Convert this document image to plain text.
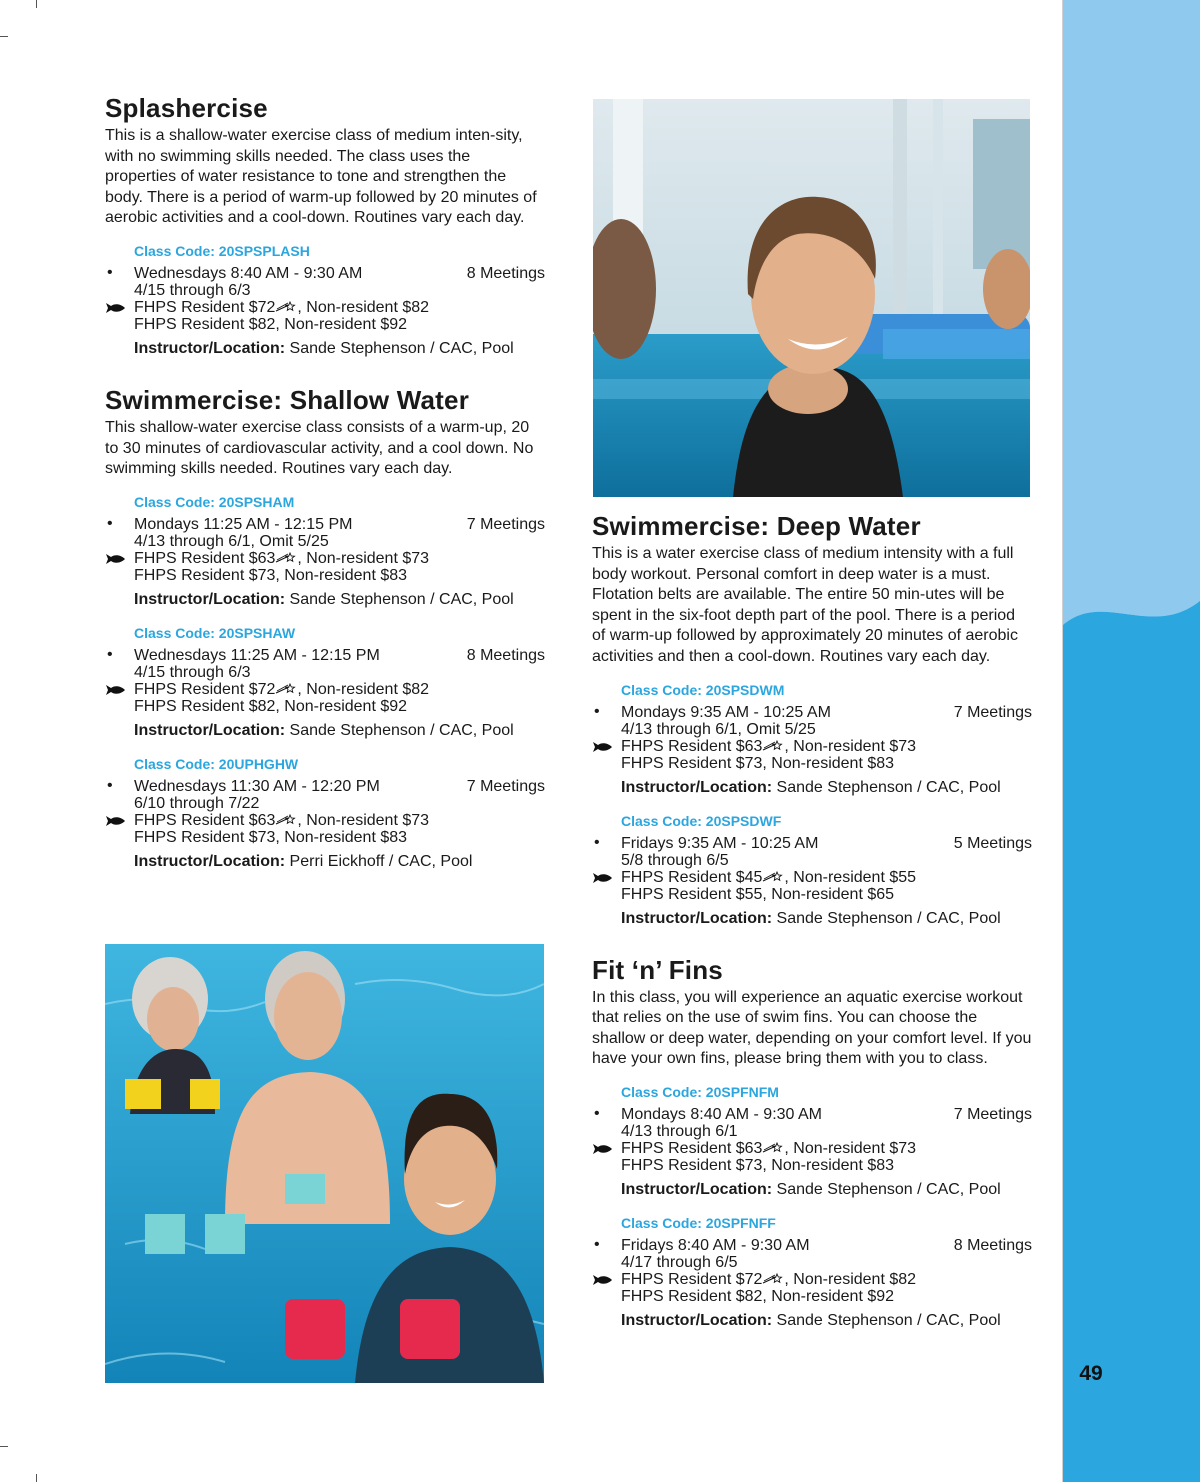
49
Splashercise

This is a shallow-water exercise class of medium inten-sity, with no swimming skills needed. The class uses the properties of water resistance to tone and strengthen the body. There is a period of warm-up followed by 20 minutes of aerobic activities and a cool-down. Routines vary each day.

Class Code: 20SPSPLASH
• Wednesdays 8:40 AM - 9:30 AM	8 Meetings
4/15 through 6/3
FHPS Resident $72 , Non-resident $82
FHPS Resident $82, Non-resident $92
Instructor/Location: Sande Stephenson / CAC, Pool
Swimmercise: Shallow Water

This shallow-water exercise class consists of a warm-up, 20 to 30 minutes of cardiovascular activity, and a cool down. No swimming skills needed. Routines vary each day.

Class Code: 20SPSHAM
• Mondays 11:25 AM - 12:15 PM	7 Meetings
4/13 through 6/1, Omit 5/25
FHPS Resident $63 , Non-resident $73
FHPS Resident $73, Non-resident $83
Instructor/Location: Sande Stephenson / CAC, Pool
Class Code: 20SPSHAW
• Wednesdays 11:25 AM - 12:15 PM	8 Meetings
4/15 through 6/3
FHPS Resident $72 , Non-resident $82
FHPS Resident $82, Non-resident $92
Instructor/Location: Sande Stephenson / CAC, Pool
Class Code: 20UPHGHW
• Wednesdays 11:30 AM - 12:20 PM	7 Meetings
6/10 through 7/22
FHPS Resident $63 , Non-resident $73
FHPS Resident $73, Non-resident $83
Instructor/Location: Perri Eickhoff / CAC, Pool
Swimmercise: Deep Water

This is a water exercise class of medium intensity with a full body workout. Personal comfort in deep water is a must. Flotation belts are available. The entire 50 min-utes will be spent in the six-foot depth part of the pool. There is a period of warm-up followed by approximately 20 minutes of aerobic activities and then a cool-down. Routines vary each day.

Class Code: 20SPSDWM
• Mondays 9:35 AM - 10:25 AM	7 Meetings
4/13 through 6/1, Omit 5/25
FHPS Resident $63 , Non-resident $73
FHPS Resident $73, Non-resident $83
Instructor/Location: Sande Stephenson / CAC, Pool
Class Code: 20SPSDWF
• Fridays 9:35 AM - 10:25 AM	5 Meetings
5/8 through 6/5
FHPS Resident $45 , Non-resident $55
FHPS Resident $55, Non-resident $65
Instructor/Location: Sande Stephenson / CAC, Pool
Fit ‘n’ Fins

In this class, you will experience an aquatic exercise workout that relies on the use of swim fins. You can choose the shallow or deep water, depending on your comfort level. If you have your own fins, please bring them with you to class.

Class Code: 20SPFNFM
• Mondays 8:40 AM - 9:30 AM	7 Meetings
4/13 through 6/1
FHPS Resident $63 , Non-resident $73
FHPS Resident $73, Non-resident $83
Instructor/Location: Sande Stephenson / CAC, Pool
Class Code: 20SPFNFF
• Fridays 8:40 AM - 9:30 AM	8 Meetings
4/17 through 6/5
FHPS Resident $72 , Non-resident $82
FHPS Resident $82, Non-resident $92
Instructor/Location: Sande Stephenson / CAC, Pool
